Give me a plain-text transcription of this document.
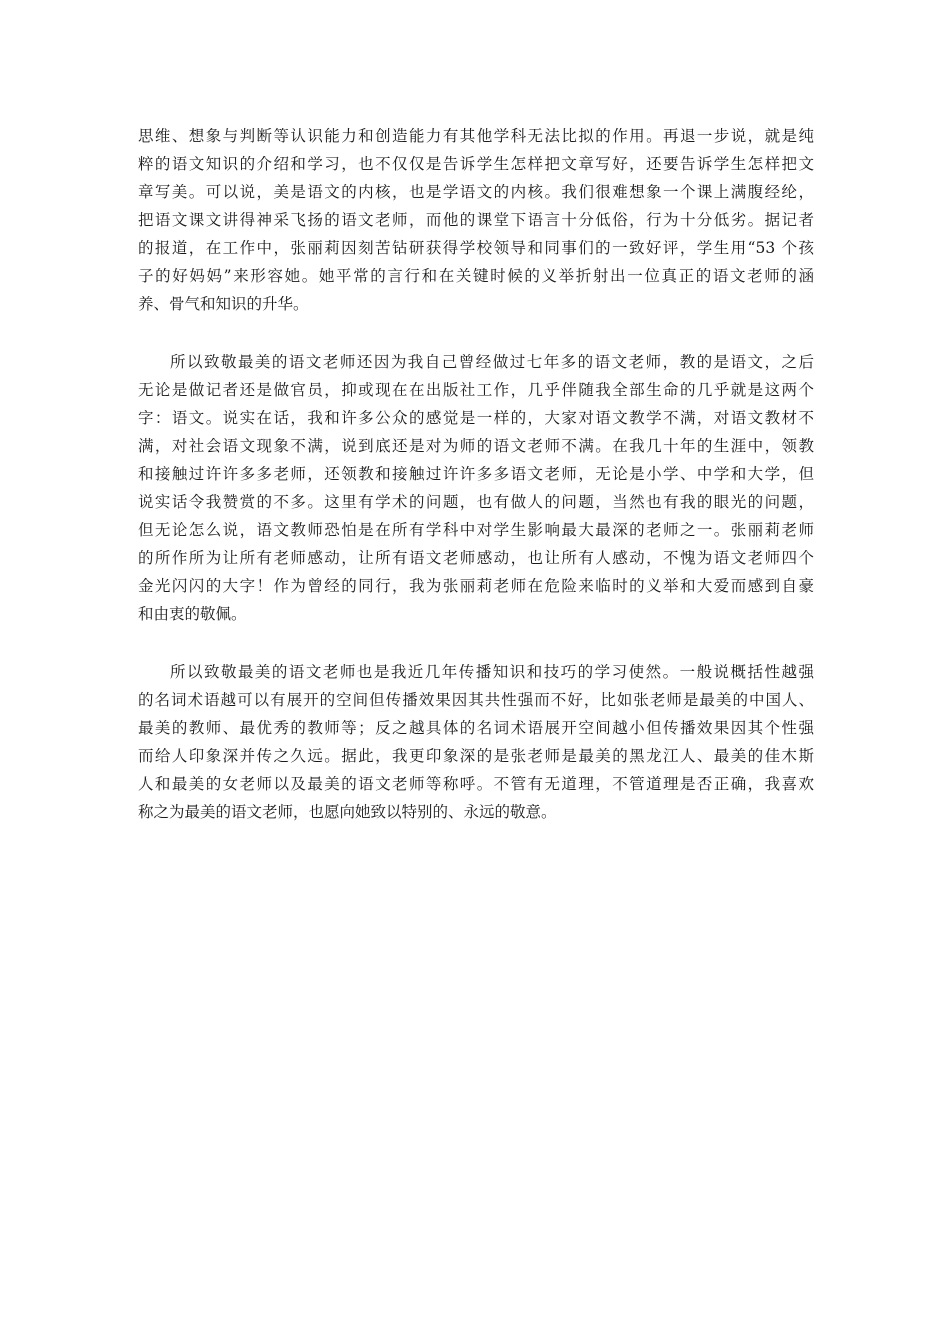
思维、想象与判断等认识能力和创造能力有其他学科无法比拟的作用。再退一步说，就是纯
粹的语文知识的介绍和学习，也不仅仅是告诉学生怎样把文章写好，还要告诉学生怎样把文
章写美。可以说，美是语文的内核，也是学语文的内核。我们很难想象一个课上满腹经纶，
把语文课文讲得神采飞扬的语文老师，而他的课堂下语言十分低俗，行为十分低劣。据记者
的报道，在工作中，张丽莉因刻苦钻研获得学校领导和同事们的一致好评，学生用“53 个孩
子的好妈妈”来形容她。她平常的言行和在关键时候的义举折射出一位真正的语文老师的涵
养、骨气和知识的升华。
所以致敬最美的语文老师还因为我自己曾经做过七年多的语文老师，教的是语文，之后
无论是做记者还是做官员，抑或现在在出版社工作，几乎伴随我全部生命的几乎就是这两个
字：语文。说实在话，我和许多公众的感觉是一样的，大家对语文教学不满，对语文教材不
满，对社会语文现象不满，说到底还是对为师的语文老师不满。在我几十年的生涯中，领教
和接触过许许多多老师，还领教和接触过许许多多语文老师，无论是小学、中学和大学，但
说实话令我赞赏的不多。这里有学术的问题，也有做人的问题，当然也有我的眼光的问题，
但无论怎么说，语文教师恐怕是在所有学科中对学生影响最大最深的老师之一。张丽莉老师
的所作所为让所有老师感动，让所有语文老师感动，也让所有人感动，不愧为语文老师四个
金光闪闪的大字！作为曾经的同行，我为张丽莉老师在危险来临时的义举和大爱而感到自豪
和由衷的敬佩。
所以致敬最美的语文老师也是我近几年传播知识和技巧的学习使然。一般说概括性越强
的名词术语越可以有展开的空间但传播效果因其共性强而不好，比如张老师是最美的中国人、
最美的教师、最优秀的教师等；反之越具体的名词术语展开空间越小但传播效果因其个性强
而给人印象深并传之久远。据此，我更印象深的是张老师是最美的黑龙江人、最美的佳木斯
人和最美的女老师以及最美的语文老师等称呼。不管有无道理，不管道理是否正确，我喜欢
称之为最美的语文老师，也愿向她致以特别的、永远的敬意。
